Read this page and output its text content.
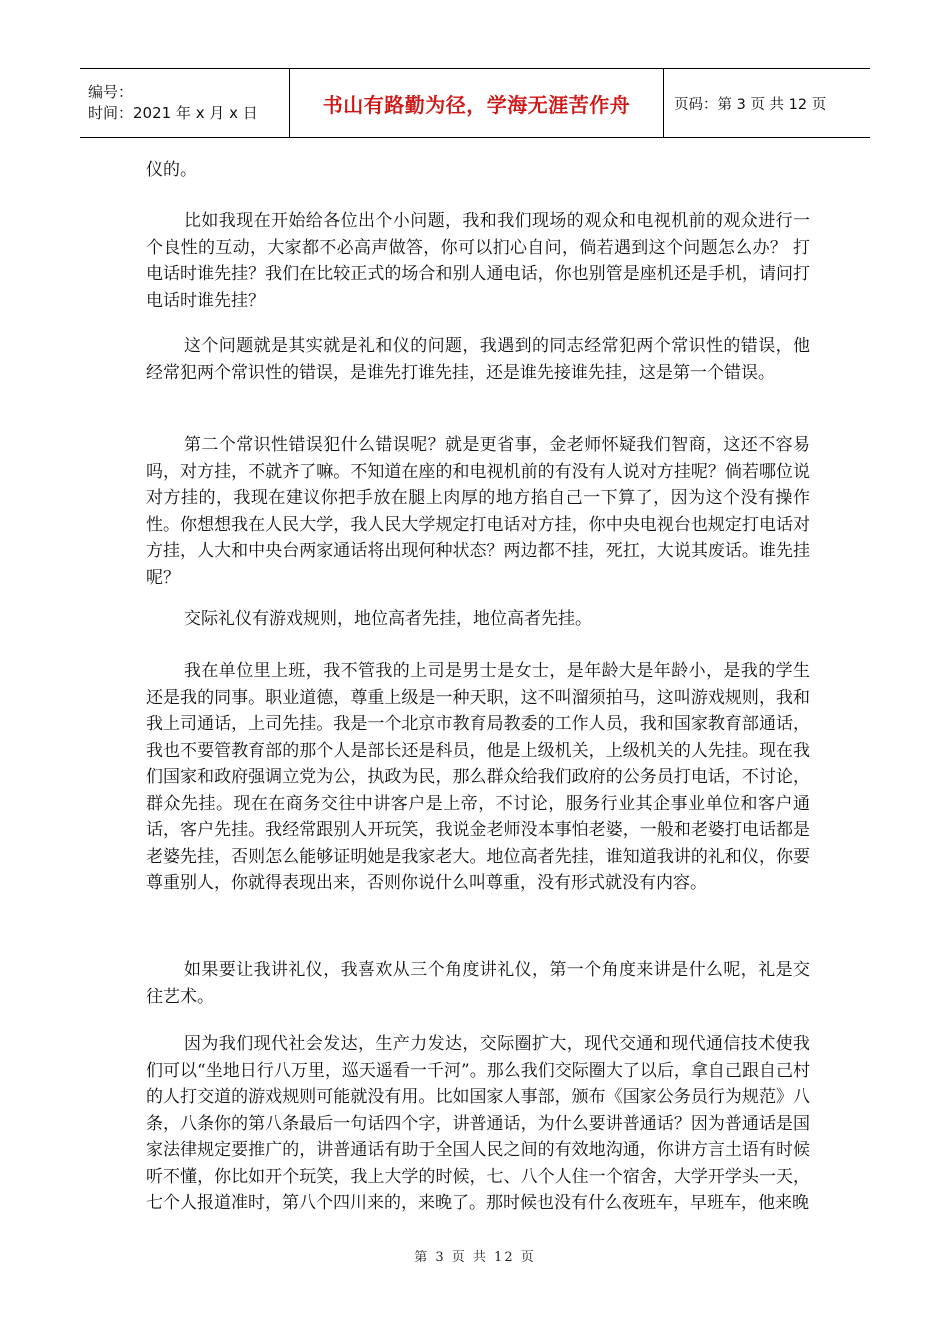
编号：
时间：2021 年 x 月 x 日	书山有路勤为径，学海无涯苦作舟	页码：第 3 页 共 12 页

仪的。

比如我现在开始给各位出个小问题，我和我们现场的观众和电视机前的观众进行一个良性的互动，大家都不必高声做答，你可以扪心自问，倘若遇到这个问题怎么办？ 打电话时谁先挂？我们在比较正式的场合和别人通电话，你也别管是座机还是手机，请问打电话时谁先挂？

这个问题就是其实就是礼和仪的问题，我遇到的同志经常犯两个常识性的错误，他经常犯两个常识性的错误，是谁先打谁先挂，还是谁先接谁先挂，这是第一个错误。

第二个常识性错误犯什么错误呢？就是更省事，金老师怀疑我们智商，这还不容易吗，对方挂，不就齐了嘛。不知道在座的和电视机前的有没有人说对方挂呢？倘若哪位说对方挂的，我现在建议你把手放在腿上肉厚的地方掐自己一下算了，因为这个没有操作性。你想想我在人民大学，我人民大学规定打电话对方挂，你中央电视台也规定打电话对方挂，人大和中央台两家通话将出现何种状态？两边都不挂，死扛，大说其废话。谁先挂呢？

交际礼仪有游戏规则，地位高者先挂，地位高者先挂。

我在单位里上班，我不管我的上司是男士是女士，是年龄大是年龄小，是我的学生还是我的同事。职业道德，尊重上级是一种天职，这不叫溜须拍马，这叫游戏规则，我和我上司通话，上司先挂。我是一个北京市教育局教委的工作人员，我和国家教育部通话，我也不要管教育部的那个人是部长还是科员，他是上级机关，上级机关的人先挂。现在我们国家和政府强调立党为公，执政为民，那么群众给我们政府的公务员打电话，不讨论，群众先挂。现在在商务交往中讲客户是上帝，不讨论，服务行业其企事业单位和客户通话，客户先挂。我经常跟别人开玩笑，我说金老师没本事怕老婆，一般和老婆打电话都是老婆先挂，否则怎么能够证明她是我家老大。地位高者先挂，谁知道我讲的礼和仪，你要尊重别人，你就得表现出来，否则你说什么叫尊重，没有形式就没有内容。

如果要让我讲礼仪，我喜欢从三个角度讲礼仪，第一个角度来讲是什么呢，礼是交往艺术。

因为我们现代社会发达，生产力发达，交际圈扩大，现代交通和现代通信技术使我们可以“坐地日行八万里，巡天遥看一千河”。那么我们交际圈大了以后，拿自己跟自己村的人打交道的游戏规则可能就没有用。比如国家人事部，颁布《国家公务员行为规范》八条，八条你的第八条最后一句话四个字，讲普通话，为什么要讲普通话？因为普通话是国家法律规定要推广的，讲普通话有助于全国人民之间的有效地沟通，你讲方言土语有时候听不懂，你比如开个玩笑，我上大学的时候，七、八个人住一个宿舍，大学开学头一天，七个人报道准时，第八个四川来的，来晚了。那时候也没有什么夜班车，早班车，他来晚

第 3 页 共 12 页
